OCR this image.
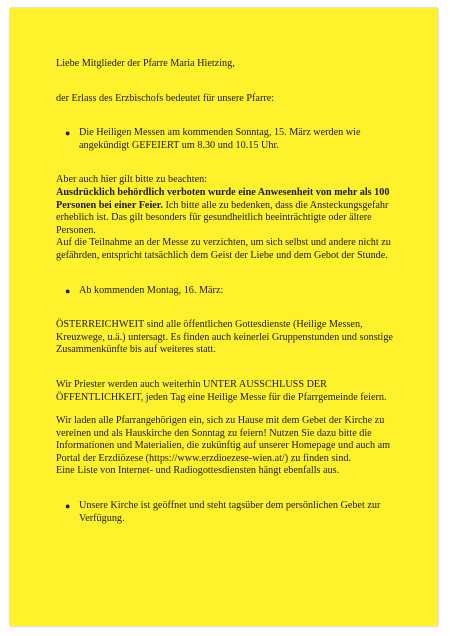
Liebe Mitglieder der Pfarre Maria Hietzing,

der Erlass des Erzbischofs bedeutet für unsere Pfarre:

● Die Heiligen Messen am kommenden Sonntag, 15. März werden wie angekündigt GEFEIERT um 8.30 und 10.15 Uhr.

Aber auch hier gilt bitte zu beachten:

Ausdrücklich behördlich verboten wurde eine Anwesenheit von mehr als 100 Personen bei einer Feier. Ich bitte alle zu bedenken, dass die Ansteckungsgefahr erheblich ist. Das gilt besonders für gesundheitlich beeinträchtigte oder ältere Personen.

Auf die Teilnahme an der Messe zu verzichten, um sich selbst und andere nicht zu gefährden, entspricht tatsächlich dem Geist der Liebe und dem Gebot der Stunde.

● Ab kommenden Montag, 16. März:

ÖSTERREICHWEIT sind alle öffentlichen Gottesdienste (Heilige Messen, Kreuzwege, u.ä.) untersagt. Es finden auch keinerlei Gruppenstunden und sonstige Zusammenkünfte bis auf weiteres statt.

Wir Priester werden auch weiterhin UNTER AUSSCHLUSS DER ÖFFENTLICHKEIT, jeden Tag eine Heilige Messe für die Pfarrgemeinde feiern.

Wir laden alle Pfarrangehörigen ein, sich zu Hause mit dem Gebet der Kirche zu vereinen und als Hauskirche den Sonntag zu feiern! Nutzen Sie dazu bitte die Informationen und Materialien, die zukünftig auf unserer Homepage und auch am Portal der Erzdiözese (https://www.erzdioezese-wien.at/) zu finden sind.

Eine Liste von Internet- und Radiogottesdiensten hängt ebenfalls aus.

● Unsere Kirche ist geöffnet und steht tagsüber dem persönlichen Gebet zur Verfügung.
